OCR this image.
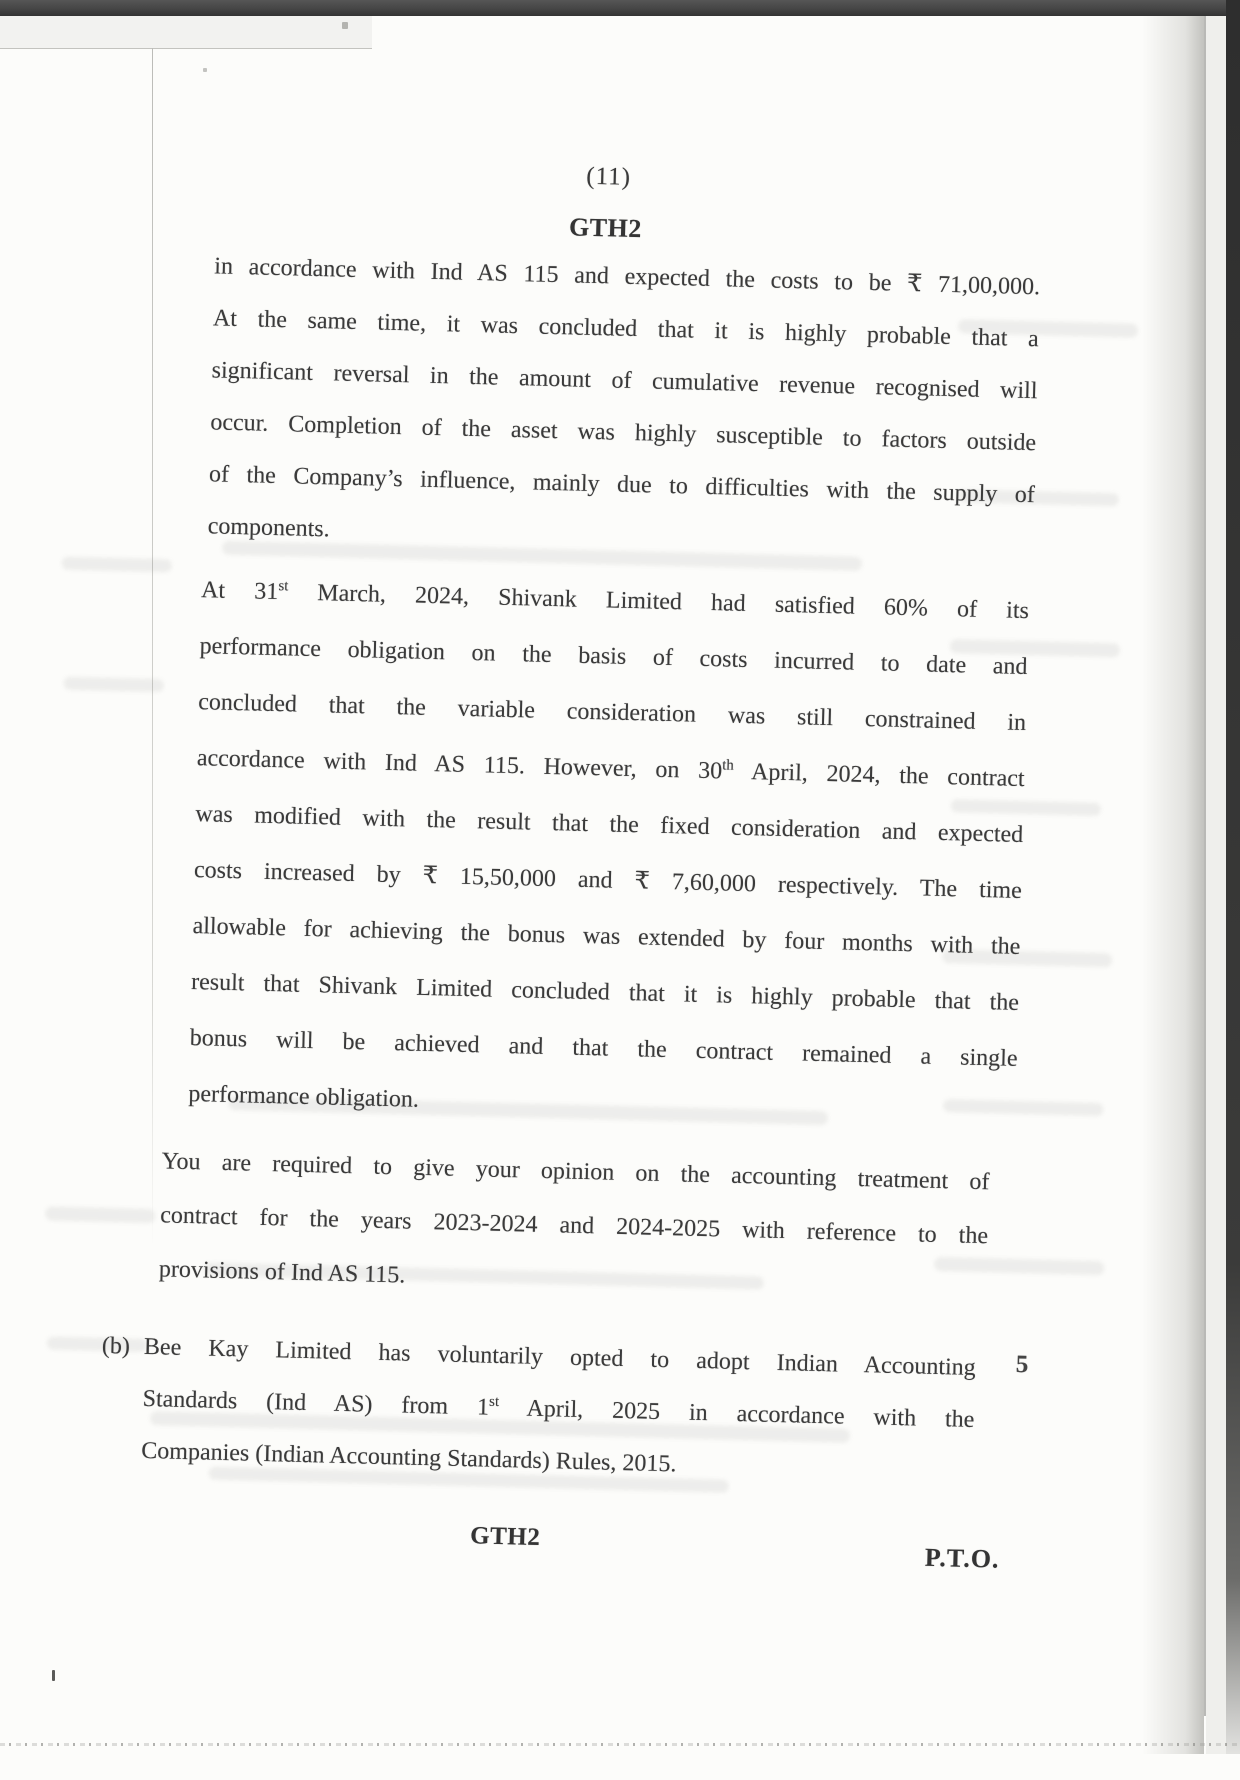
(11)
GTH2
in accordance with Ind AS 115 and expected the costs to be ₹ 71,00,000.
At the same time, it was concluded that it is highly probable that a
significant reversal in the amount of cumulative revenue recognised will
occur. Completion of the asset was highly susceptible to factors outside
of the Company’s influence, mainly due to difficulties with the supply of
components.
At 31st March, 2024, Shivank Limited had satisfied 60% of its
performance obligation on the basis of costs incurred to date and
concluded that the variable consideration was still constrained in
accordance with Ind AS 115. However, on 30th April, 2024, the contract
was modified with the result that the fixed consideration and expected
costs increased by ₹ 15,50,000 and ₹ 7,60,000 respectively. The time
allowable for achieving the bonus was extended by four months with the
result that Shivank Limited concluded that it is highly probable that the
bonus will be achieved and that the contract remained a single
performance obligation.
You are required to give your opinion on the accounting treatment of
contract for the years 2023-2024 and 2024-2025 with reference to the
provisions of Ind AS 115.
(b) Bee Kay Limited has voluntarily opted to adopt Indian Accounting
Standards (Ind AS) from 1st April, 2025 in accordance with the
Companies (Indian Accounting Standards) Rules, 2015.
5
GTH2
P.T.O.
